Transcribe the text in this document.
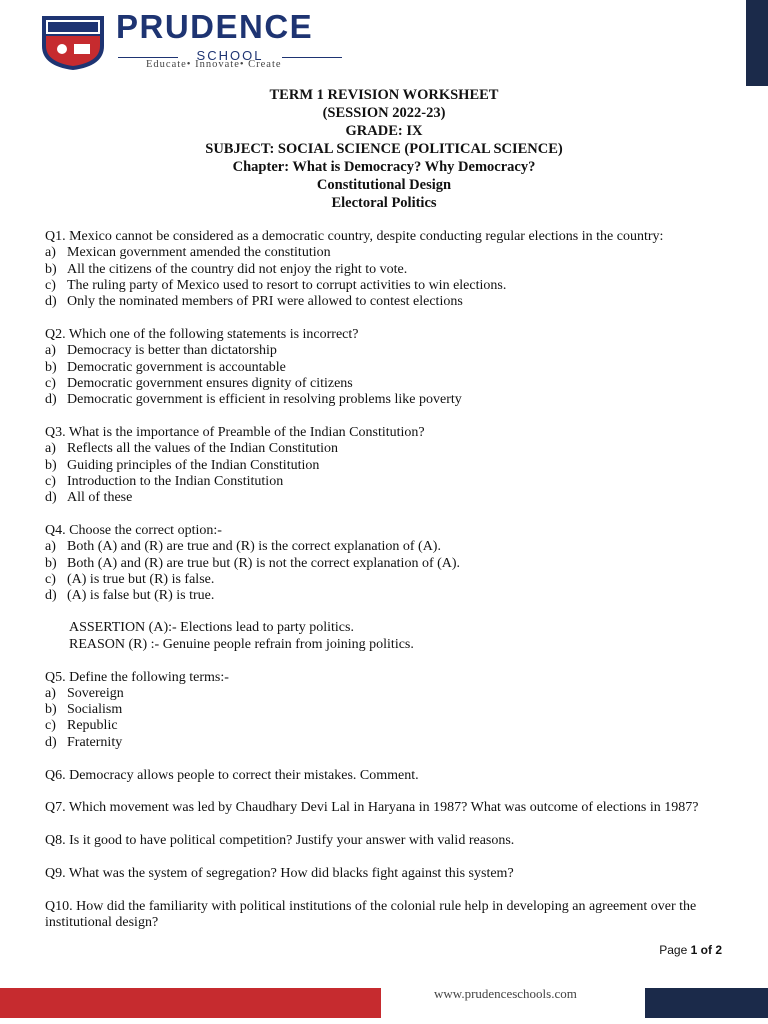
PRUDENCE
SCHOOL
Educate• Innovate• Create
TERM 1 REVISION WORKSHEET
(SESSION 2022-23)
GRADE: IX
SUBJECT: SOCIAL SCIENCE (POLITICAL SCIENCE)
Chapter: What is Democracy? Why Democracy?
Constitutional Design
Electoral Politics
Q1. Mexico cannot be considered as a democratic country, despite conducting regular elections in the country:
a) Mexican government amended the constitution
b) All the citizens of the country did not enjoy the right to vote.
c) The ruling party of Mexico used to resort to corrupt activities to win elections.
d) Only the nominated members of PRI were allowed to contest elections
Q2. Which one of the following statements is incorrect?
a) Democracy is better than dictatorship
b) Democratic government is accountable
c) Democratic government ensures dignity of citizens
d) Democratic government is efficient in resolving problems like poverty
Q3. What is the importance of Preamble of the Indian Constitution?
a) Reflects all the values of the Indian Constitution
b) Guiding principles of the Indian Constitution
c) Introduction to the Indian Constitution
d) All of these
Q4. Choose the correct option:-
a) Both (A) and (R) are true and (R) is the correct explanation of (A).
b) Both (A) and (R) are true but (R) is not the correct explanation of (A).
c) (A) is true but (R) is false.
d) (A) is false but (R) is true.
ASSERTION (A):- Elections lead to party politics.
REASON (R) :- Genuine people refrain from joining politics.
Q5. Define the following terms:-
a) Sovereign
b) Socialism
c) Republic
d) Fraternity
Q6. Democracy allows people to correct their mistakes. Comment.
Q7. Which movement was led by Chaudhary Devi Lal in Haryana in 1987? What was outcome of elections in 1987?
Q8. Is it good to have political competition? Justify your answer with valid reasons.
Q9. What was the system of segregation? How did blacks fight against this system?
Q10. How did the familiarity with political institutions of the colonial rule help in developing an agreement over the institutional design?
Page 1 of 2
www.prudenceschools.com
